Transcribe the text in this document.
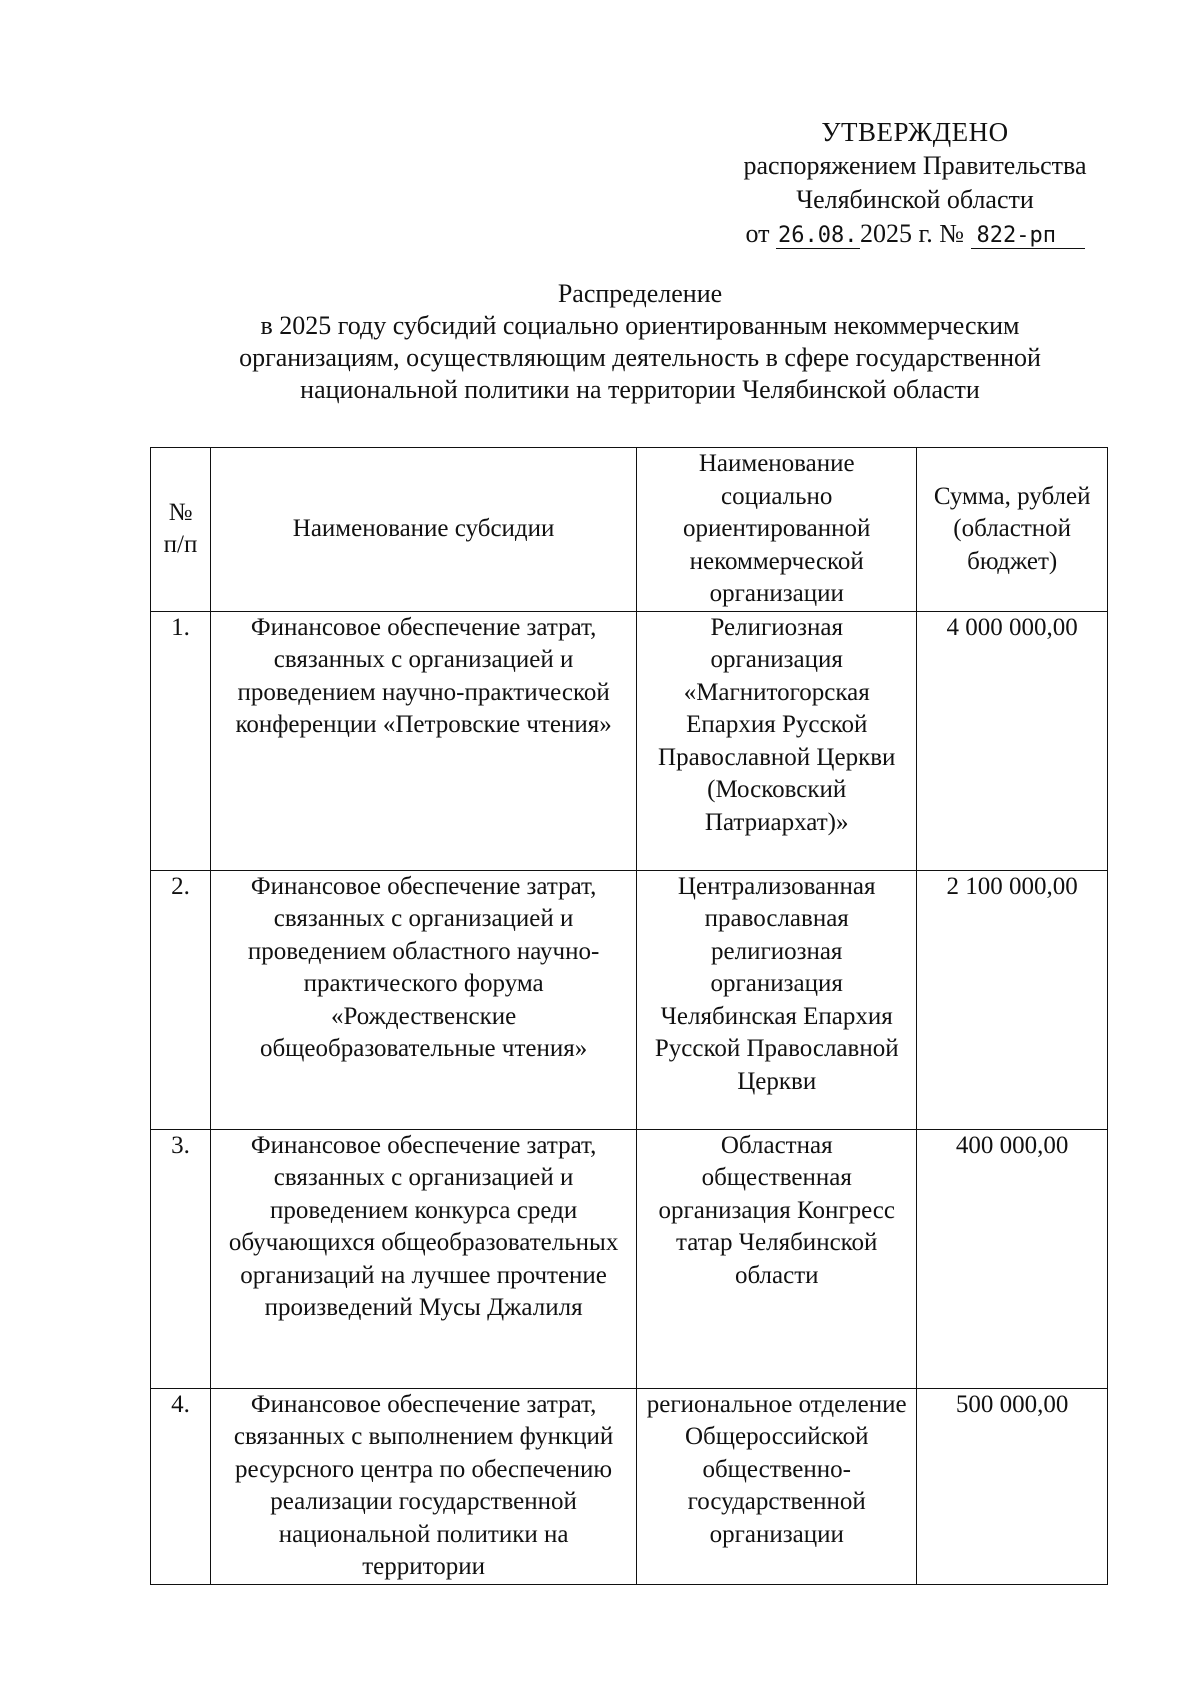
УТВЕРЖДЕНО
распоряжением Правительства
Челябинской области
от 26.08.2025 г. № 822-рп
Распределение
в 2025 году субсидий социально ориентированным некоммерческим
организациям, осуществляющим деятельность в сфере государственной
национальной политики на территории Челябинской области
№ п/п	Наименование субсидии	Наименование социально ориентированной некоммерческой организации	Сумма, рублей (областной бюджет)
1.	Финансовое обеспечение затрат, связанных с организацией и проведением научно-практической конференции «Петровские чтения»	Религиозная организация «Магнитогорская Епархия Русской Православной Церкви (Московский Патриархат)»	4 000 000,00
2.	Финансовое обеспечение затрат, связанных с организацией и проведением областного научно-практического форума «Рождественские общеобразовательные чтения»	Централизованная православная религиозная организация Челябинская Епархия Русской Православной Церкви	2 100 000,00
3.	Финансовое обеспечение затрат, связанных с организацией и проведением конкурса среди обучающихся общеобразовательных организаций на лучшее прочтение произведений Мусы Джалиля	Областная общественная организация Конгресс татар Челябинской области	400 000,00
4.	Финансовое обеспечение затрат, связанных с выполнением функций ресурсного центра по обеспечению реализации государственной национальной политики на территории	региональное отделение Общероссийской общественно-государственной организации	500 000,00
